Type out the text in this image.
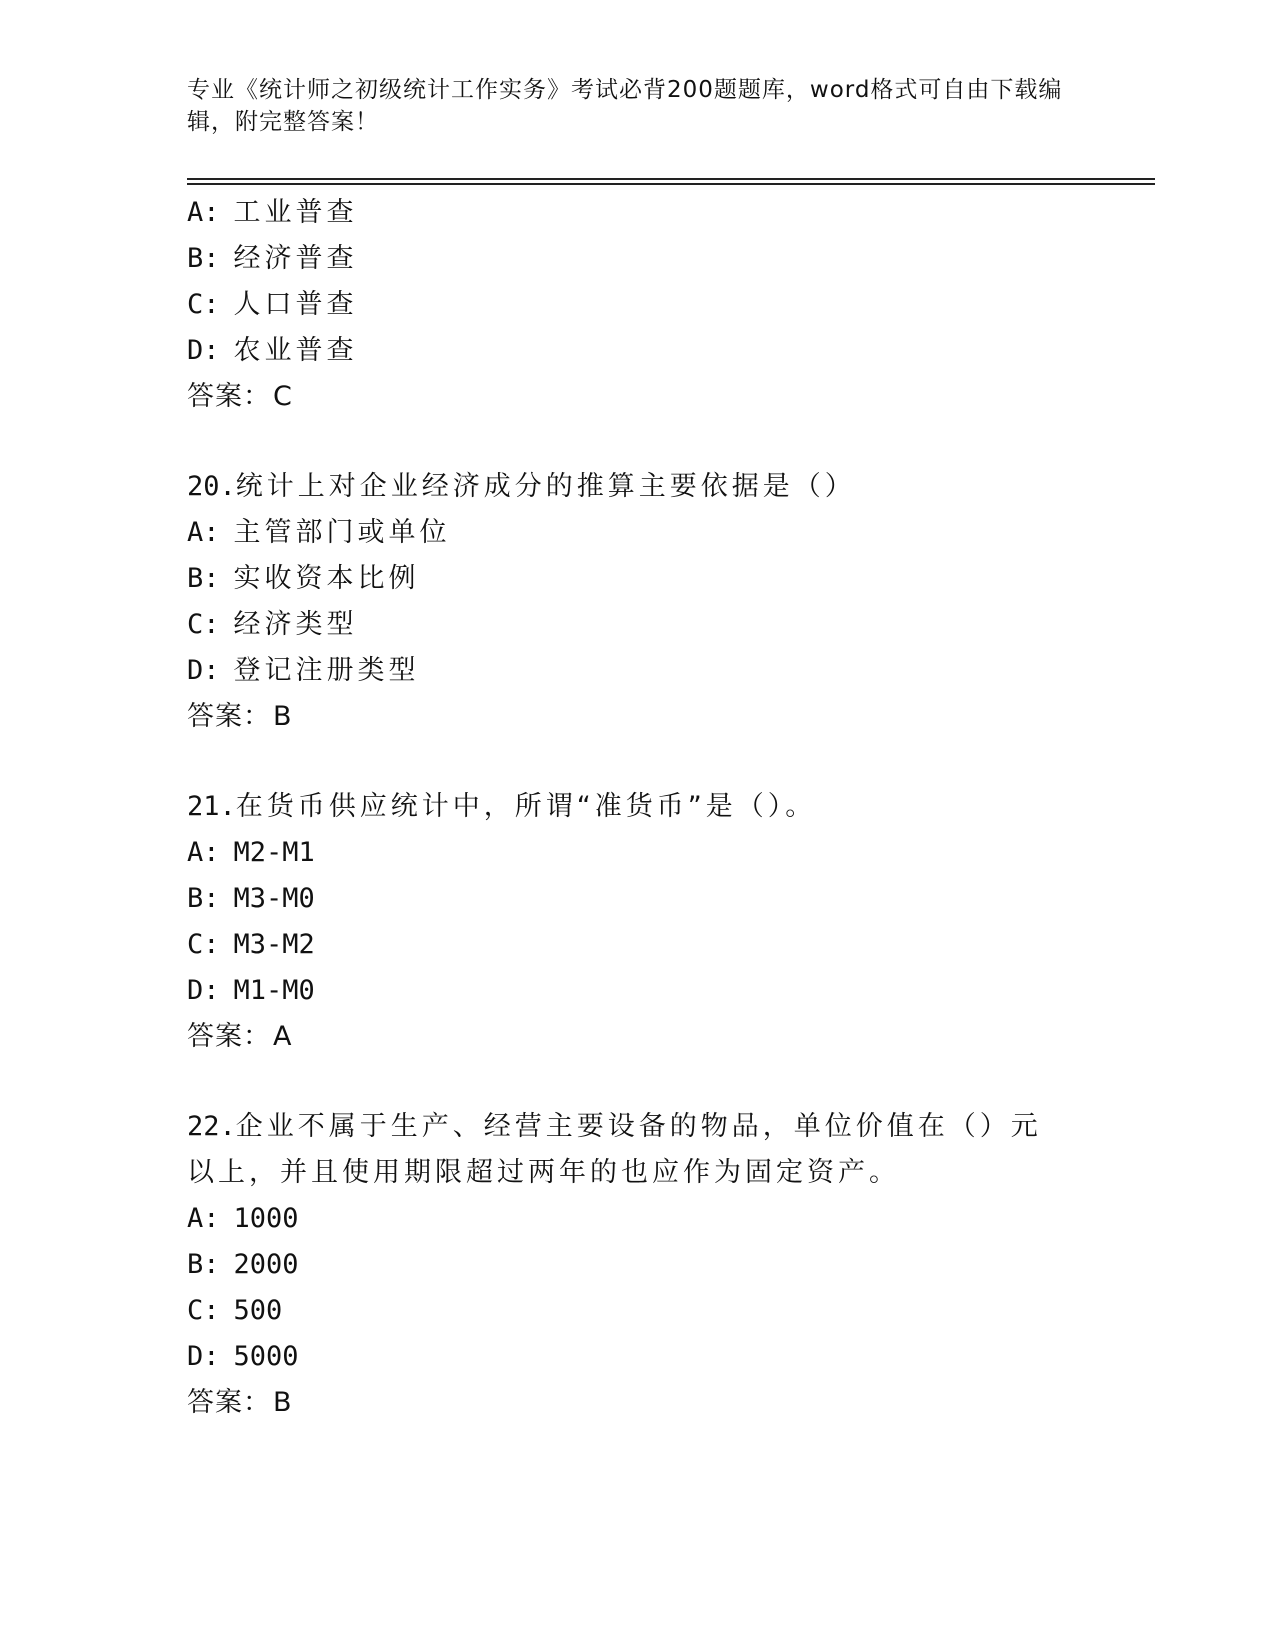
专业《统计师之初级统计工作实务》考试必背200题题库，word格式可自由下载编辑，附完整答案！
A: 工业普查
B: 经济普查
C: 人口普查
D: 农业普查
答案：C
20.统计上对企业经济成分的推算主要依据是（）
A: 主管部门或单位
B: 实收资本比例
C: 经济类型
D: 登记注册类型
答案：B
21.在货币供应统计中，所谓“准货币”是（）。
A: M2-M1
B: M3-M0
C: M3-M2
D: M1-M0
答案：A
22.企业不属于生产、经营主要设备的物品，单位价值在（）元以上，并且使用期限超过两年的也应作为固定资产。
A: 1000
B: 2000
C: 500
D: 5000
答案：B
